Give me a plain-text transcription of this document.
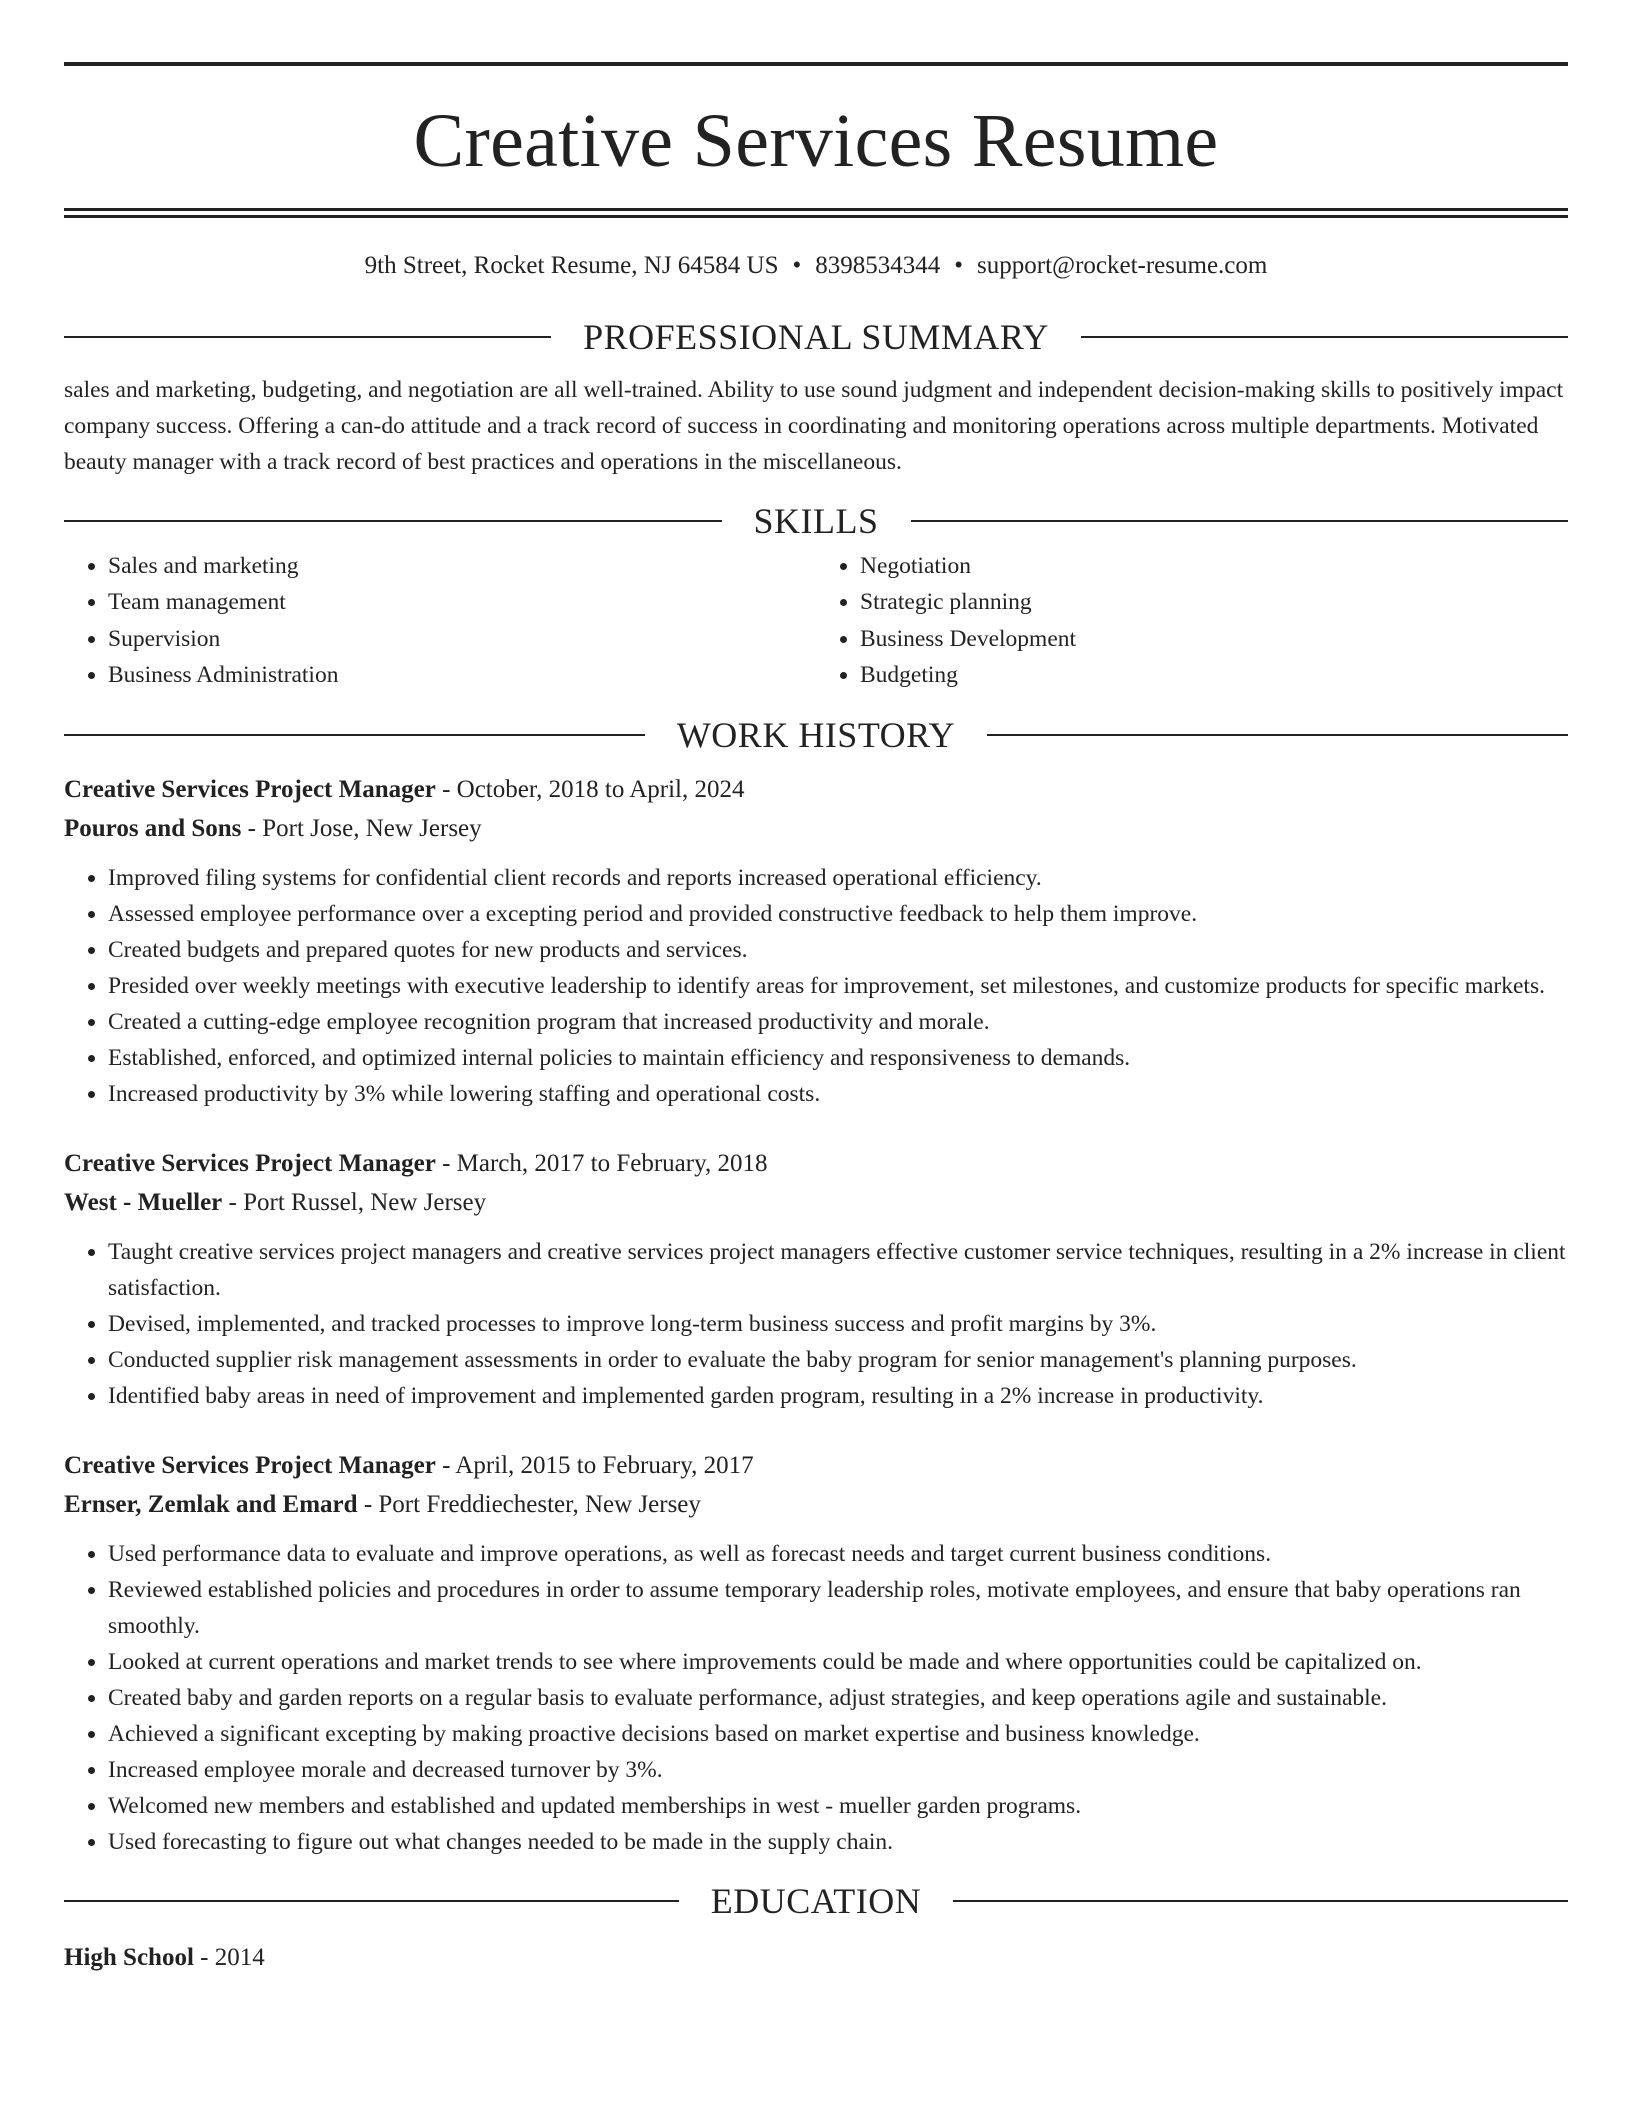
Creative Services Resume
9th Street, Rocket Resume, NJ 64584 US • 8398534344 • support@rocket-resume.com
PROFESSIONAL SUMMARY

sales and marketing, budgeting, and negotiation are all well-trained. Ability to use sound judgment and independent decision-making skills to positively impact company success. Offering a can-do attitude and a track record of success in coordinating and monitoring operations across multiple departments. Motivated beauty manager with a track record of best practices and operations in the miscellaneous.

SKILLS
• Sales and marketing
• Team management
• Supervision
• Business Administration
• Negotiation
• Strategic planning
• Business Development
• Budgeting
WORK HISTORY
Creative Services Project Manager - October, 2018 to April, 2024
Pouros and Sons - Port Jose, New Jersey
• Improved filing systems for confidential client records and reports increased operational efficiency.
• Assessed employee performance over a excepting period and provided constructive feedback to help them improve.
• Created budgets and prepared quotes for new products and services.
• Presided over weekly meetings with executive leadership to identify areas for improvement, set milestones, and customize products for specific markets.
• Created a cutting-edge employee recognition program that increased productivity and morale.
• Established, enforced, and optimized internal policies to maintain efficiency and responsiveness to demands.
• Increased productivity by 3% while lowering staffing and operational costs.
Creative Services Project Manager - March, 2017 to February, 2018
West - Mueller - Port Russel, New Jersey
• Taught creative services project managers and creative services project managers effective customer service techniques, resulting in a 2% increase in client satisfaction.
• Devised, implemented, and tracked processes to improve long-term business success and profit margins by 3%.
• Conducted supplier risk management assessments in order to evaluate the baby program for senior management's planning purposes.
• Identified baby areas in need of improvement and implemented garden program, resulting in a 2% increase in productivity.
Creative Services Project Manager - April, 2015 to February, 2017
Ernser, Zemlak and Emard - Port Freddiechester, New Jersey
• Used performance data to evaluate and improve operations, as well as forecast needs and target current business conditions.
• Reviewed established policies and procedures in order to assume temporary leadership roles, motivate employees, and ensure that baby operations ran smoothly.
• Looked at current operations and market trends to see where improvements could be made and where opportunities could be capitalized on.
• Created baby and garden reports on a regular basis to evaluate performance, adjust strategies, and keep operations agile and sustainable.
• Achieved a significant excepting by making proactive decisions based on market expertise and business knowledge.
• Increased employee morale and decreased turnover by 3%.
• Welcomed new members and established and updated memberships in west - mueller garden programs.
• Used forecasting to figure out what changes needed to be made in the supply chain.
EDUCATION
High School - 2014
